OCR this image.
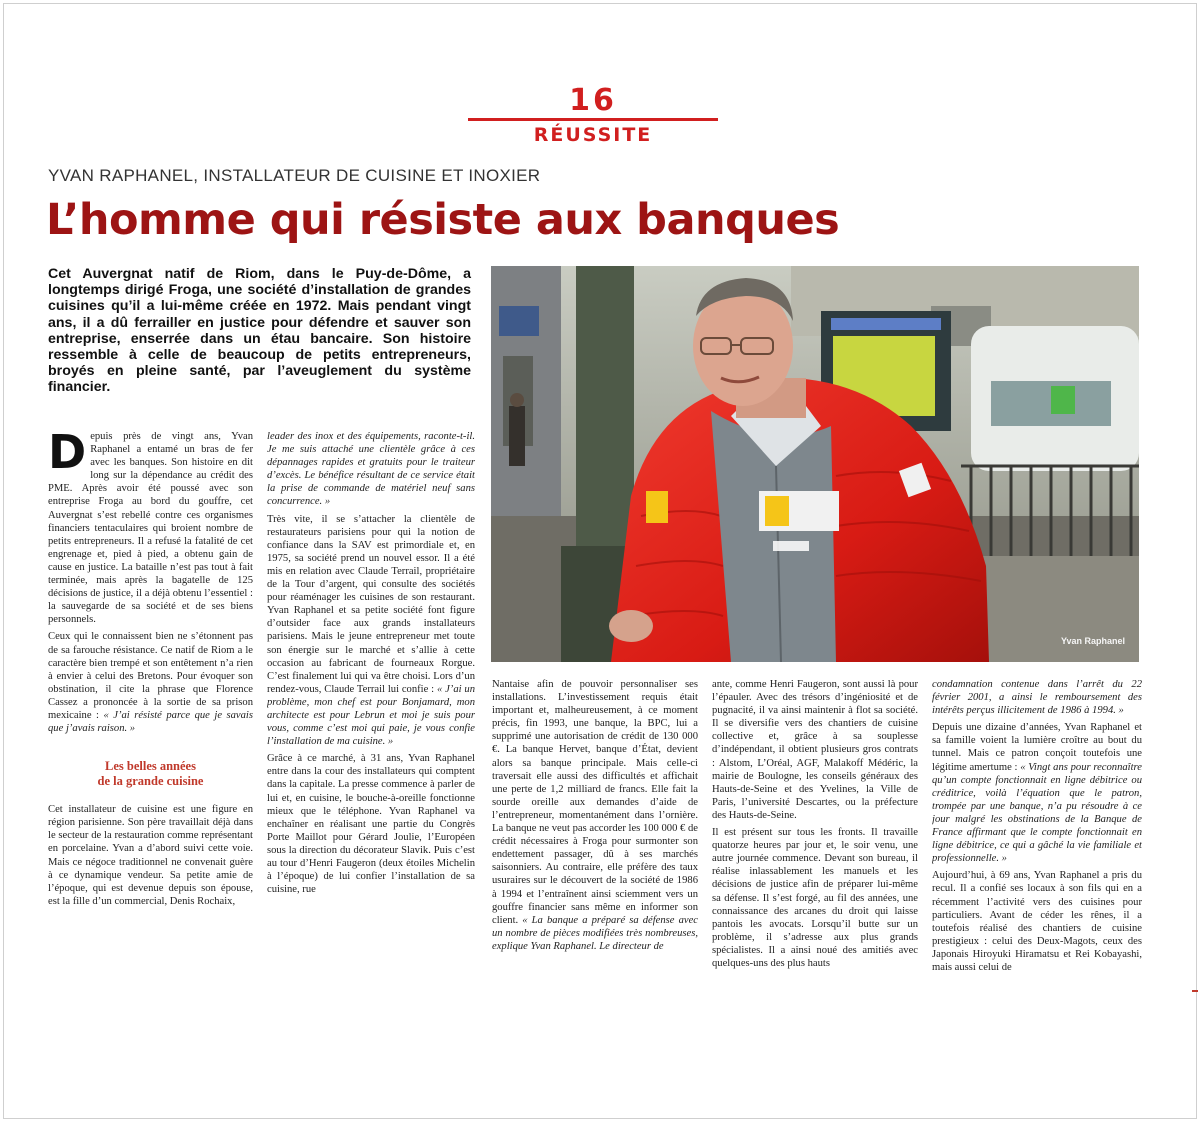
16
RÉUSSITE
YVAN RAPHANEL, INSTALLATEUR DE CUISINE ET INOXIER
L’homme qui résiste aux banques
Cet Auvergnat natif de Riom, dans le Puy-de-Dôme, a longtemps dirigé Froga, une société d’installation de grandes cuisines qu’il a lui-même créée en 1972. Mais pendant vingt ans, il a dû ferrailler en justice pour défendre et sauver son entreprise, enserrée dans un étau bancaire. Son histoire ressemble à celle de beaucoup de petits entrepreneurs, broyés en pleine santé, par l’aveuglement du système financier.
Yvan Raphanel

Depuis près de vingt ans, Yvan Raphanel a entamé un bras de fer avec les banques. Son histoire en dit long sur la dépendance au crédit des PME. Après avoir été poussé avec son entreprise Froga au bord du gouffre, cet Auvergnat s’est rebellé contre ces organismes financiers tentaculaires qui broient nombre de petits entrepreneurs. Il a refusé la fatalité de cet engrenage et, pied à pied, a obtenu gain de cause en justice. La bataille n’est pas tout à fait terminée, mais après la bagatelle de 125 décisions de justice, il a déjà obtenu l’essentiel : la sauvegarde de sa société et de ses biens personnels.

Ceux qui le connaissent bien ne s’étonnent pas de sa farouche résistance. Ce natif de Riom a le caractère bien trempé et son entêtement n’a rien à envier à celui des Bretons. Pour évoquer son obstination, il cite la phrase que Florence Cassez a prononcée à la sortie de sa prison mexicaine : « J’ai résisté parce que je savais que j’avais raison. »

Les belles années
de la grande cuisine

Cet installateur de cuisine est une figure en région parisienne. Son père travaillait déjà dans le secteur de la restauration comme représentant en porcelaine. Yvan a d’abord suivi cette voie. Mais ce négoce traditionnel ne convenait guère à ce dynamique vendeur. Sa petite amie de l’époque, qui est devenue depuis son épouse, est la fille d’un commercial, Denis Rochaix,

leader des inox et des équipements, raconte-t-il. Je me suis attaché une clientèle grâce à ces dépannages rapides et gratuits pour le traiteur d’excès. Le bénéfice résultant de ce service était la prise de commande de matériel neuf sans concurrence. »

Très vite, il se s’attacher la clientèle de restaurateurs parisiens pour qui la notion de confiance dans la SAV est primordiale et, en 1975, sa société prend un nouvel essor. Il a été mis en relation avec Claude Terrail, propriétaire de la Tour d’argent, qui consulte des sociétés pour réaménager les cuisines de son restaurant. Yvan Raphanel et sa petite société font figure d’outsider face aux grands installateurs parisiens. Mais le jeune entrepreneur met toute son énergie sur le marché et s’allie à cette occasion au fabricant de fourneaux Rorgue. C’est finalement lui qui va être choisi. Lors d’un rendez-vous, Claude Terrail lui confie : « J’ai un problème, mon chef est pour Bonjamard, mon architecte est pour Lebrun et moi je suis pour vous, comme c’est moi qui paie, je vous confie l’installation de ma cuisine. »

Grâce à ce marché, à 31 ans, Yvan Raphanel entre dans la cour des installateurs qui comptent dans la capitale. La presse commence à parler de lui et, en cuisine, le bouche-à-oreille fonctionne mieux que le téléphone. Yvan Raphanel va enchaîner en réalisant une partie du Congrès Porte Maillot pour Gérard Joulie, l’Européen sous la direction du décorateur Slavik. Puis c’est au tour d’Henri Faugeron (deux étoiles Michelin à l’époque) de lui confier l’installation de sa cuisine, rue

Nantaise afin de pouvoir personnaliser ses installations. L’investissement requis était important et, malheureusement, à ce moment précis, fin 1993, une banque, la BPC, lui a supprimé une autorisation de crédit de 130 000 €. La banque Hervet, banque d’État, devient alors sa banque principale. Mais celle-ci traversait elle aussi des difficultés et affichait une perte de 1,2 milliard de francs. Elle fait la sourde oreille aux demandes d’aide de l’entrepreneur, momentanément dans l’ornière. La banque ne veut pas accorder les 100 000 € de crédit nécessaires à Froga pour surmonter son endettement passager, dû à ses marchés saisonniers. Au contraire, elle préfère des taux usuraires sur le découvert de la société de 1986 à 1994 et l’entraînent ainsi sciemment vers un gouffre financier sans même en informer son client. « La banque a préparé sa défense avec un nombre de pièces modifiées très nombreuses, explique Yvan Raphanel. Le directeur de

ante, comme Henri Faugeron, sont aussi là pour l’épauler. Avec des trésors d’ingéniosité et de pugnacité, il va ainsi maintenir à flot sa société. Il se diversifie vers des chantiers de cuisine collective et, grâce à sa souplesse d’indépendant, il obtient plusieurs gros contrats : Alstom, L’Oréal, AGF, Malakoff Médéric, la mairie de Boulogne, les conseils généraux des Hauts-de-Seine et des Yvelines, la Ville de Paris, l’université Descartes, ou la préfecture des Hauts-de-Seine.

Il est présent sur tous les fronts. Il travaille quatorze heures par jour et, le soir venu, une autre journée commence. Devant son bureau, il réalise inlassablement les manuels et les décisions de justice afin de préparer lui-même sa défense. Il s’est forgé, au fil des années, une connaissance des arcanes du droit qui laisse pantois les avocats. Lorsqu’il butte sur un problème, il s’adresse aux plus grands spécialistes. Il a ainsi noué des amitiés avec quelques-uns des plus hauts

condamnation contenue dans l’arrêt du 22 février 2001, a ainsi le remboursement des intérêts perçus illicitement de 1986 à 1994. »

Depuis une dizaine d’années, Yvan Raphanel et sa famille voient la lumière croître au bout du tunnel. Mais ce patron conçoit toutefois une légitime amertume : « Vingt ans pour reconnaître qu’un compte fonctionnait en ligne débitrice ou créditrice, voilà l’équation que le patron, trompée par une banque, n’a pu résoudre à ce jour malgré les obstinations de la Banque de France affirmant que le compte fonctionnait en ligne débitrice, ce qui a gâché la vie familiale et professionnelle. »

Aujourd’hui, à 69 ans, Yvan Raphanel a pris du recul. Il a confié ses locaux à son fils qui en a récemment l’activité vers des cuisines pour particuliers. Avant de céder les rênes, il a toutefois réalisé des chantiers de cuisine prestigieux : celui des Deux-Magots, ceux des Japonais Hiroyuki Hiramatsu et Rei Kobayashi, mais aussi celui de
